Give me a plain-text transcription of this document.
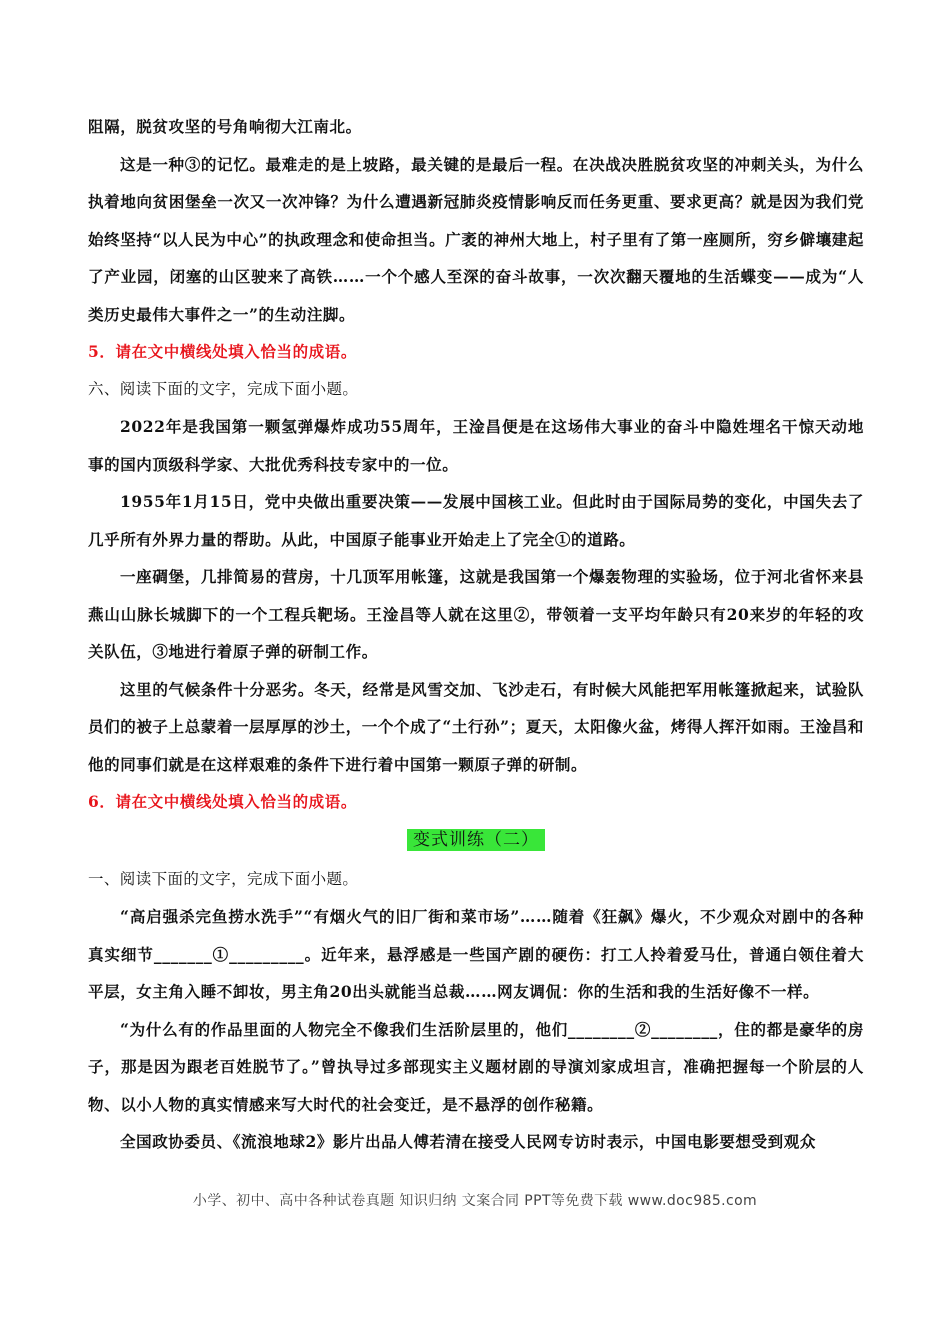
阻隔，脱贫攻坚的号角响彻大江南北。

这是一种③的记忆。最难走的是上坡路，最关键的是最后一程。在决战决胜脱贫攻坚的冲刺关头，为什么执着地向贫困堡垒一次又一次冲锋？为什么遭遇新冠肺炎疫情影响反而任务更重、要求更高？就是因为我们党始终坚持“以人民为中心”的执政理念和使命担当。广袤的神州大地上，村子里有了第一座厕所，穷乡僻壤建起了产业园，闭塞的山区驶来了高铁……一个个感人至深的奋斗故事，一次次翻天覆地的生活蝶变——成为“人类历史最伟大事件之一”的生动注脚。

5．请在文中横线处填入恰当的成语。

六、阅读下面的文字，完成下面小题。

2022年是我国第一颗氢弹爆炸成功55周年，王淦昌便是在这场伟大事业的奋斗中隐姓埋名干惊天动地事的国内顶级科学家、大批优秀科技专家中的一位。

1955年1月15日，党中央做出重要决策——发展中国核工业。但此时由于国际局势的变化，中国失去了几乎所有外界力量的帮助。从此，中国原子能事业开始走上了完全①的道路。

一座碉堡，几排简易的营房，十几顶军用帐篷，这就是我国第一个爆轰物理的实验场，位于河北省怀来县燕山山脉长城脚下的一个工程兵靶场。王淦昌等人就在这里②，带领着一支平均年龄只有20来岁的年轻的攻关队伍，③地进行着原子弹的研制工作。

这里的气候条件十分恶劣。冬天，经常是风雪交加、飞沙走石，有时候大风能把军用帐篷掀起来，试验队员们的被子上总蒙着一层厚厚的沙土，一个个成了“土行孙”；夏天，太阳像火盆，烤得人挥汗如雨。王淦昌和他的同事们就是在这样艰难的条件下进行着中国第一颗原子弹的研制。

6．请在文中横线处填入恰当的成语。

变式训练（二）

一、阅读下面的文字，完成下面小题。

“高启强杀完鱼捞水洗手”“有烟火气的旧厂街和菜市场”……随着《狂飙》爆火，不少观众对剧中的各种真实细节_______①_________。近年来，悬浮感是一些国产剧的硬伤：打工人拎着爱马仕，普通白领住着大平层，女主角入睡不卸妆，男主角20出头就能当总裁……网友调侃：你的生活和我的生活好像不一样。

“为什么有的作品里面的人物完全不像我们生活阶层里的，他们________②________，住的都是豪华的房子，那是因为跟老百姓脱节了。”曾执导过多部现实主义题材剧的导演刘家成坦言，准确把握每一个阶层的人物、以小人物的真实情感来写大时代的社会变迁，是不悬浮的创作秘籍。

全国政协委员、《流浪地球2》影片出品人傅若清在接受人民网专访时表示，中国电影要想受到观众

小学、初中、高中各种试卷真题 知识归纳 文案合同 PPT等免费下载 www.doc985.com
